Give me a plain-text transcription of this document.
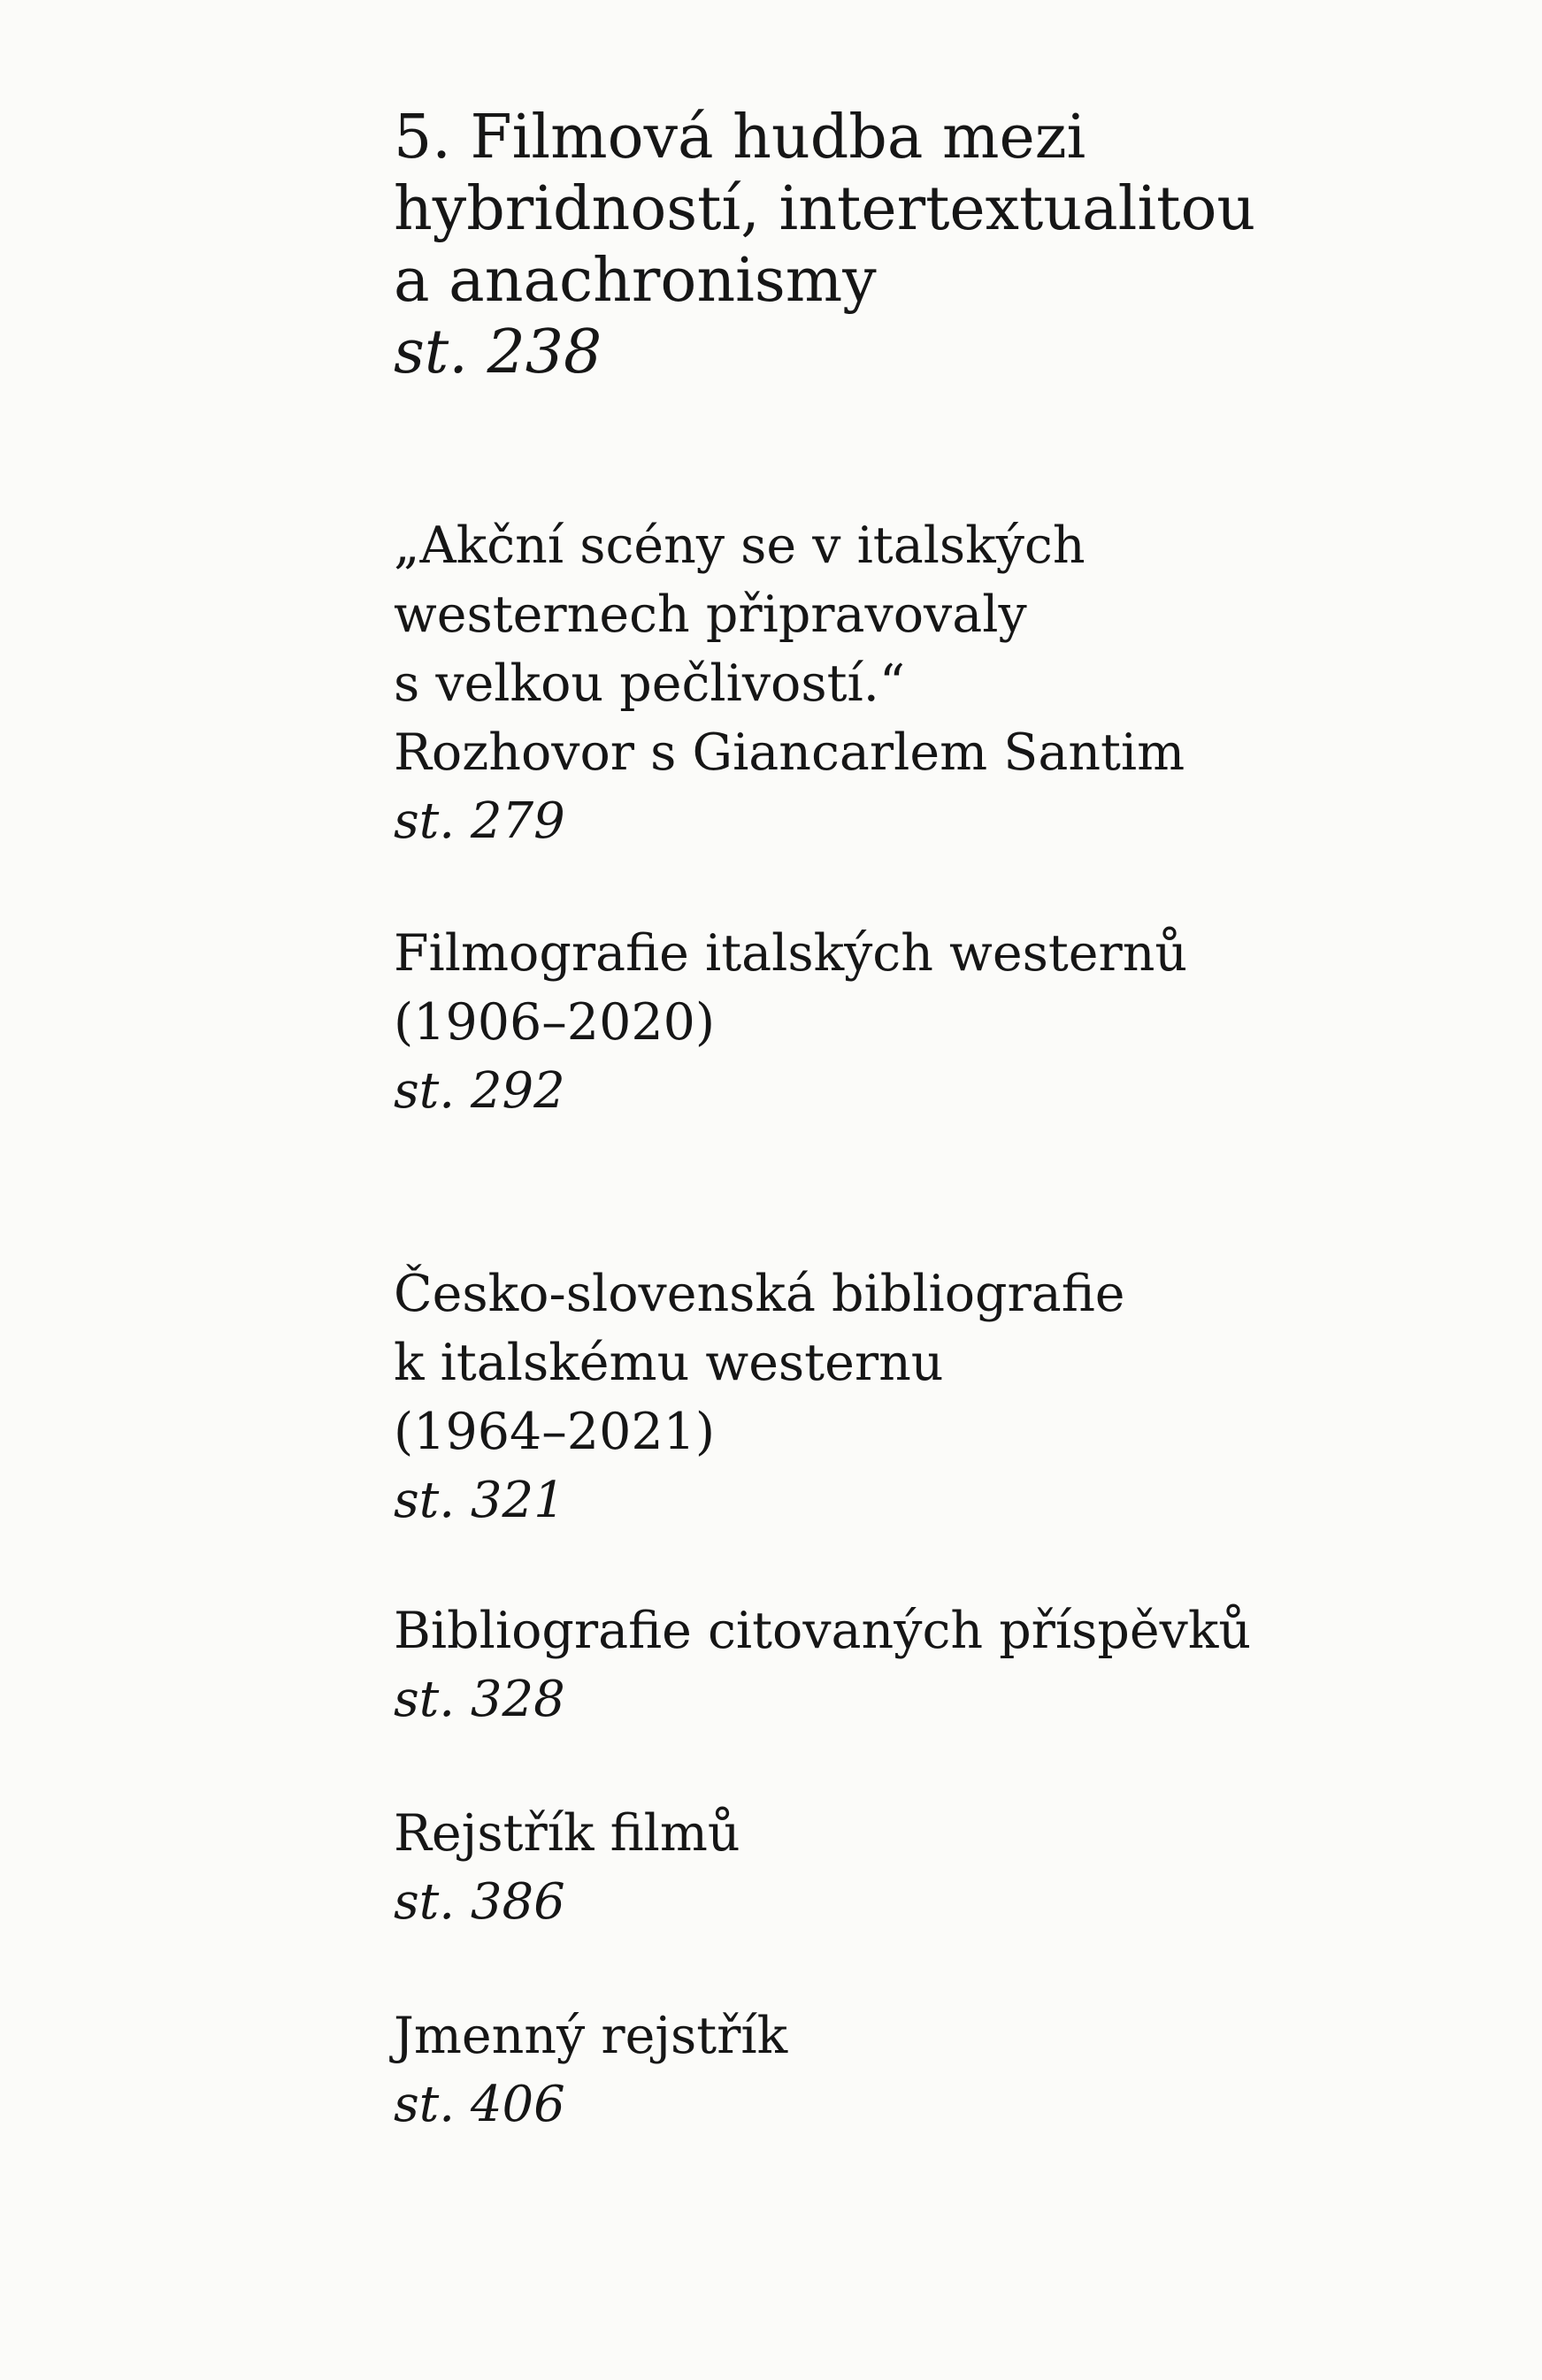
5. Filmová hudba mezi
hybridností, intertextualitou
a anachronismy
st. 238
„Akční scény se v italských
westernech připravovaly
s velkou pečlivostí.“
Rozhovor s Giancarlem Santim
st. 279
Filmografie italských westernů
(1906–2020)
st. 292
Česko-slovenská bibliografie
k italskému westernu
(1964–2021)
st. 321
Bibliografie citovaných příspěvků
st. 328
Rejstřík filmů
st. 386
Jmenný rejstřík
st. 406
